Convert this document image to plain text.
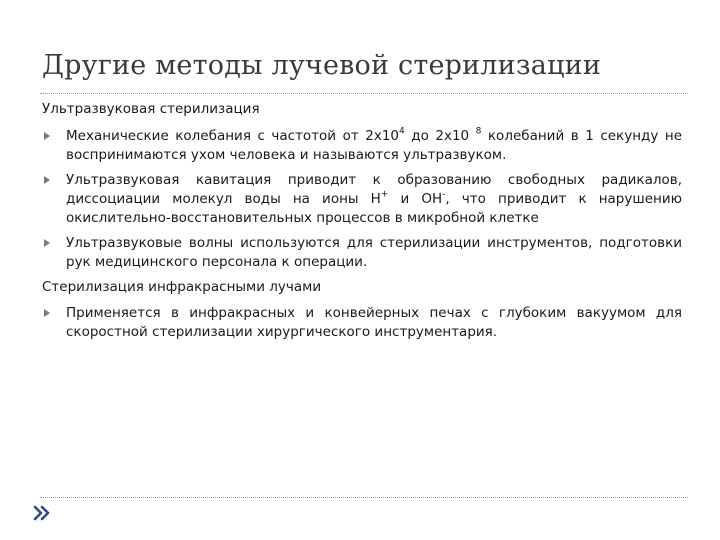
Другие методы лучевой стерилизации

Ультразвуковая стерилизация

Механические колебания с частотой от $2х10^4$ до 2х10 $^8$ колебаний в 1 секунду не воспринимаются ухом человека и называются ультразвуком.
Ультразвуковая кавитация приводит к образованию свободных радикалов, диссоциации молекул воды на ионы Н+ и ОН-, что приводит к нарушению окислительно-восстановительных процессов в микробной клетке
Ультразвуковые волны используются для стерилизации инструментов, подготовки рук медицинского персонала к операции.

Стерилизация инфракрасными лучами

Применяется в инфракрасных и конвейерных печах с глубоким вакуумом для скоростной стерилизации хирургического инструментария.
